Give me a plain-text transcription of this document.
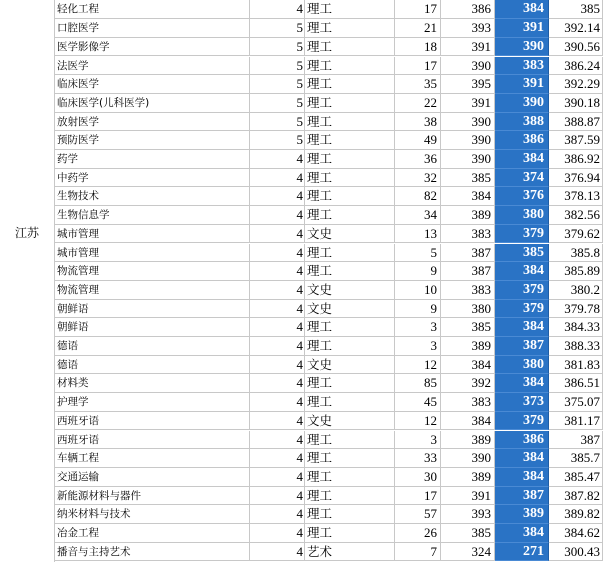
江苏
轻化工程	4 理工	17	386	384	385
口腔医学	5 理工	21	393	391	392.14
医学影像学	5 理工	18	391	390	390.56
法医学	5 理工	17	390	383	386.24
临床医学	5 理工	35	395	391	392.29
临床医学(儿科医学)	5 理工	22	391	390	390.18
放射医学	5 理工	38	390	388	388.87
预防医学	5 理工	49	390	386	387.59
药学	4 理工	36	390	384	386.92
中药学	4 理工	32	385	374	376.94
生物技术	4 理工	82	384	376	378.13
生物信息学	4 理工	34	389	380	382.56
城市管理	4 文史	13	383	379	379.62
城市管理	4 理工	5	387	385	385.8
物流管理	4 理工	9	387	384	385.89
物流管理	4 文史	10	383	379	380.2
朝鲜语	4 文史	9	380	379	379.78
朝鲜语	4 理工	3	385	384	384.33
德语	4 理工	3	389	387	388.33
德语	4 文史	12	384	380	381.83
材料类	4 理工	85	392	384	386.51
护理学	4 理工	45	383	373	375.07
西班牙语	4 文史	12	384	379	381.17
西班牙语	4 理工	3	389	386	387
车辆工程	4 理工	33	390	384	385.7
交通运输	4 理工	30	389	384	385.47
新能源材料与器件	4 理工	17	391	387	387.82
纳米材料与技术	4 理工	57	393	389	389.82
冶金工程	4 理工	26	385	384	384.62
播音与主持艺术	4 艺术	7	324	271	300.43
